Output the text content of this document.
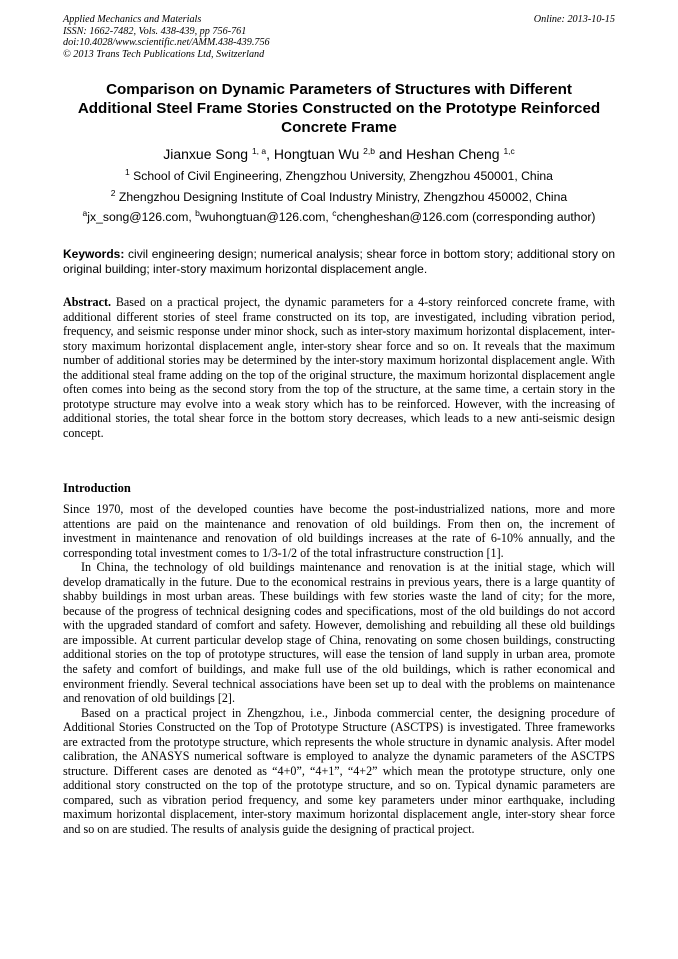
Applied Mechanics and Materials
ISSN: 1662-7482, Vols. 438-439, pp 756-761
doi:10.4028/www.scientific.net/AMM.438-439.756
© 2013 Trans Tech Publications Ltd, Switzerland
Online: 2013-10-15
Comparison on Dynamic Parameters of Structures with Different
Additional Steel Frame Stories Constructed on the Prototype Reinforced
Concrete Frame
Jianxue Song $^{1, a}$, Hongtuan Wu $^{2,b}$ and Heshan Cheng $^{1,c}$
$^1$ School of Civil Engineering, Zhengzhou University, Zhengzhou 450001, China
$^2$ Zhengzhou Designing Institute of Coal Industry Ministry, Zhengzhou 450002, China
$^a$jx_song@126.com, $^b$wuhongtuan@126.com, $^c$chengheshan@126.com (corresponding author)
Keywords: civil engineering design; numerical analysis; shear force in bottom story; additional story on original building; inter-story maximum horizontal displacement angle.
Abstract. Based on a practical project, the dynamic parameters for a 4-story reinforced concrete frame, with additional different stories of steel frame constructed on its top, are investigated, including vibration period, frequency, and seismic response under minor shock, such as inter-story maximum horizontal displacement, inter-story maximum horizontal displacement angle, inter-story shear force and so on. It reveals that the maximum number of additional stories may be determined by the inter-story maximum horizontal displacement angle. With the additional steal frame adding on the top of the original structure, the maximum horizontal displacement angle often comes into being as the second story from the top of the structure, at the same time, a certain story in the prototype structure may evolve into a weak story which has to be reinforced. However, with the increasing of additional stories, the total shear force in the bottom story decreases, which leads to a new anti-seismic design concept.
Introduction

Since 1970, most of the developed counties have become the post-industrialized nations, more and more attentions are paid on the maintenance and renovation of old buildings. From then on, the increment of investment in maintenance and renovation of old buildings increases at the rate of 6-10% annually, and the corresponding total investment comes to 1/3-1/2 of the total infrastructure construction [1].

In China, the technology of old buildings maintenance and renovation is at the initial stage, which will develop dramatically in the future. Due to the economical restrains in previous years, there is a large quantity of shabby buildings in most urban areas. These buildings with few stories waste the land of city; for the more, because of the progress of technical designing codes and specifications, most of the old buildings do not accord with the upgraded standard of comfort and safety. However, demolishing and rebuilding all these old buildings are impossible. At current particular develop stage of China, renovating on some chosen buildings, constructing additional stories on the top of prototype structures, will ease the tension of land supply in urban area, promote the safety and comfort of buildings, and make full use of the old buildings, which is rather economical and environment friendly. Several technical associations have been set up to deal with the problems on maintenance and renovation of old buildings [2].

Based on a practical project in Zhengzhou, i.e., Jinboda commercial center, the designing procedure of Additional Stories Constructed on the Top of Prototype Structure (ASCTPS) is investigated. Three frameworks are extracted from the prototype structure, which represents the whole structure in dynamic analysis. After model calibration, the ANASYS numerical software is employed to analyze the dynamic parameters of the ASCTPS structure. Different cases are denoted as “4+0”, “4+1”, “4+2” which mean the prototype structure, only one additional story constructed on the top of the prototype structure, and so on. Typical dynamic parameters are compared, such as vibration period frequency, and some key parameters under minor earthquake, including maximum horizontal displacement, inter-story maximum horizontal displacement angle, inter-story shear force and so on are studied. The results of analysis guide the designing of practical project.
